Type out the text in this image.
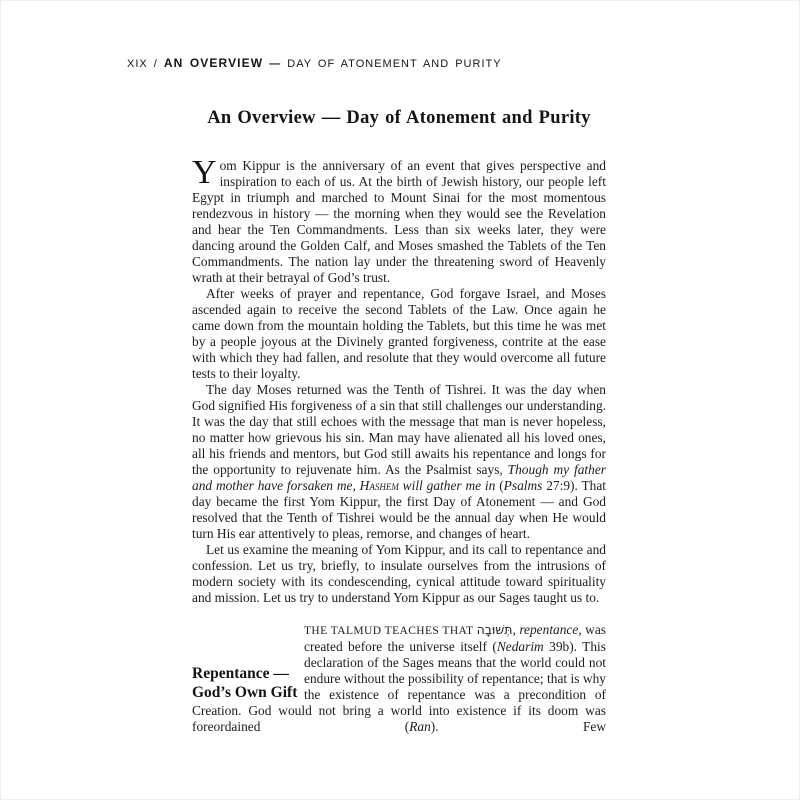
XIX / AN OVERVIEW — DAY OF ATONEMENT AND PURITY
An Overview — Day of Atonement and Purity
Yom Kippur is the anniversary of an event that gives perspective and inspiration to each of us. At the birth of Jewish history, our people left Egypt in triumph and marched to Mount Sinai for the most momentous rendezvous in history — the morning when they would see the Revelation and hear the Ten Commandments. Less than six weeks later, they were dancing around the Golden Calf, and Moses smashed the Tablets of the Ten Commandments. The nation lay under the threatening sword of Heavenly wrath at their betrayal of God’s trust.
After weeks of prayer and repentance, God forgave Israel, and Moses ascended again to receive the second Tablets of the Law. Once again he came down from the mountain holding the Tablets, but this time he was met by a people joyous at the Divinely granted forgiveness, contrite at the ease with which they had fallen, and resolute that they would overcome all future tests to their loyalty.
The day Moses returned was the Tenth of Tishrei. It was the day when God signified His forgiveness of a sin that still challenges our understanding. It was the day that still echoes with the message that man is never hopeless, no matter how grievous his sin. Man may have alienated all his loved ones, all his friends and mentors, but God still awaits his repentance and longs for the opportunity to rejuvenate him. As the Psalmist says, Though my father and mother have forsaken me, Hashem will gather me in (Psalms 27:9). That day became the first Yom Kippur, the first Day of Atonement — and God resolved that the Tenth of Tishrei would be the annual day when He would turn His ear attentively to pleas, remorse, and changes of heart.
Let us examine the meaning of Yom Kippur, and its call to repentance and confession. Let us try, briefly, to insulate ourselves from the intrusions of modern society with its condescending, cynical attitude toward spirituality and mission. Let us try to understand Yom Kippur as our Sages taught us to.
Repentance —
God’s Own Gift
THE TALMUD TEACHES THAT תְּשׁוּבָה, repentance, was created before the universe itself (Nedarim 39b). This declaration of the Sages means that the world could not endure without the possibility of repentance; that is why the existence of repentance was a precondition of Creation. God would not bring a world into existence if its doom was foreordained (Ran). Few
